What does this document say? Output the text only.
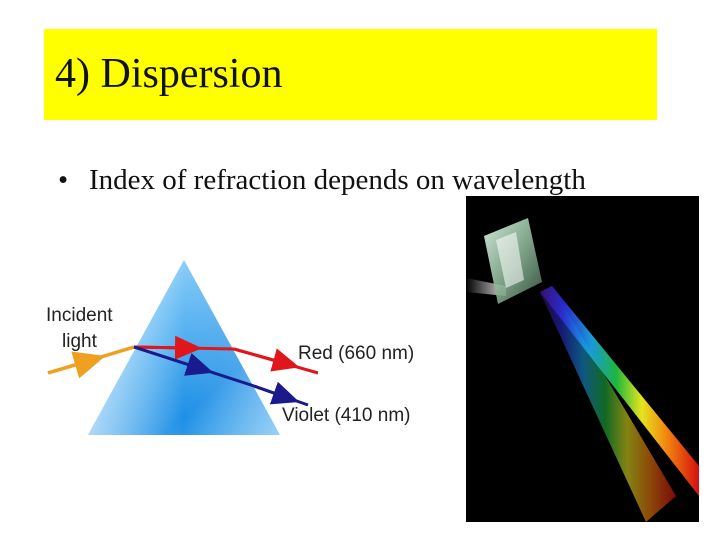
4) Dispersion
• Index of refraction depends on wavelength
Incident
light
Red (660 nm)
Violet (410 nm)
